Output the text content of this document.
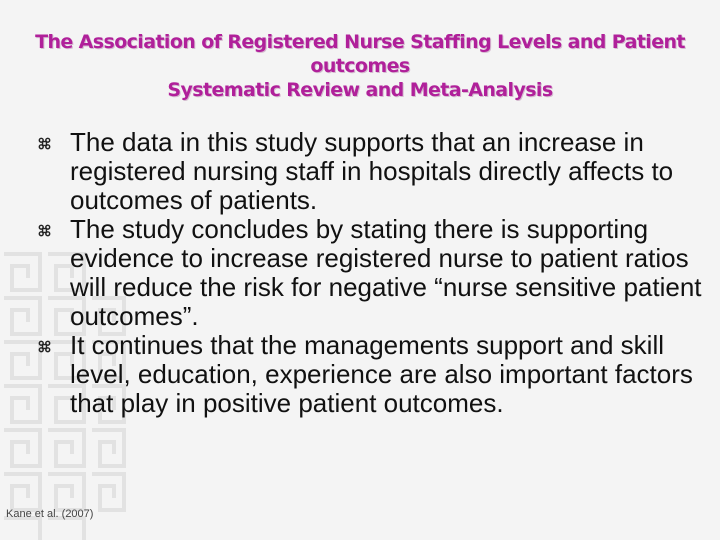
The Association of Registered Nurse Staffing Levels and Patient
outcomes
Systematic Review and Meta-Analysis
The data in this study supports that an increase in registered nursing staff in hospitals directly affects to outcomes of patients.
The study concludes by stating there is supporting evidence to increase registered nurse to patient ratios will reduce the risk for negative “nurse sensitive patient outcomes”.
It continues that the managements support and skill level, education, experience are also important factors that play in positive patient outcomes.
Kane et al. (2007)
